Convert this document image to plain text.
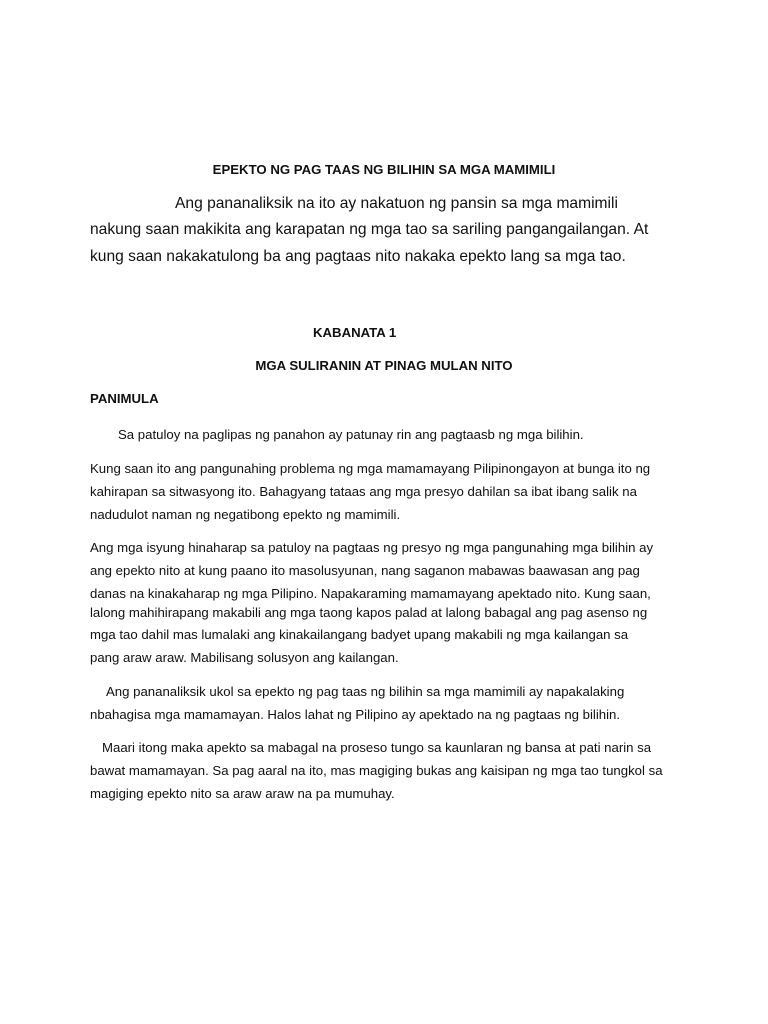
EPEKTO NG PAG TAAS NG BILIHIN SA MGA MAMIMILI

Ang pananaliksik na ito ay nakatuon ng pansin sa mga mamimili

nakung saan makikita ang karapatan ng mga tao sa sariling pangangailangan. At

kung saan nakakatulong ba ang pagtaas nito nakaka epekto lang sa mga tao.

KABANATA 1

MGA SULIRANIN AT PINAG MULAN NITO

PANIMULA

Sa patuloy na paglipas ng panahon ay patunay rin ang pagtaasb ng mga bilihin.

Kung saan ito ang pangunahing problema ng mga mamamayang Pilipinongayon at bunga ito ng

kahirapan sa sitwasyong ito. Bahagyang tataas ang mga presyo dahilan sa ibat ibang salik na

nadudulot naman ng negatibong epekto ng mamimili.

Ang mga isyung hinaharap sa patuloy na pagtaas ng presyo ng mga pangunahing mga bilihin ay

ang epekto nito at kung paano ito masolusyunan, nang saganon mabawas baawasan ang pag

danas na kinakaharap ng mga Pilipino. Napakaraming mamamayang apektado nito. Kung saan,

lalong mahihirapang makabili ang mga taong kapos palad at lalong babagal ang pag asenso ng

mga tao dahil mas lumalaki ang kinakailangang badyet upang makabili ng mga kailangan sa

pang araw araw. Mabilisang solusyon ang kailangan.

Ang pananaliksik ukol sa epekto ng pag taas ng bilihin sa mga mamimili ay napakalaking

nbahagisa mga mamamayan. Halos lahat ng Pilipino ay apektado na ng pagtaas ng bilihin.

Maari itong maka apekto sa mabagal na proseso tungo sa kaunlaran ng bansa at pati narin sa

bawat mamamayan. Sa pag aaral na ito, mas magiging bukas ang kaisipan ng mga tao tungkol sa

magiging epekto nito sa araw araw na pa mumuhay.
